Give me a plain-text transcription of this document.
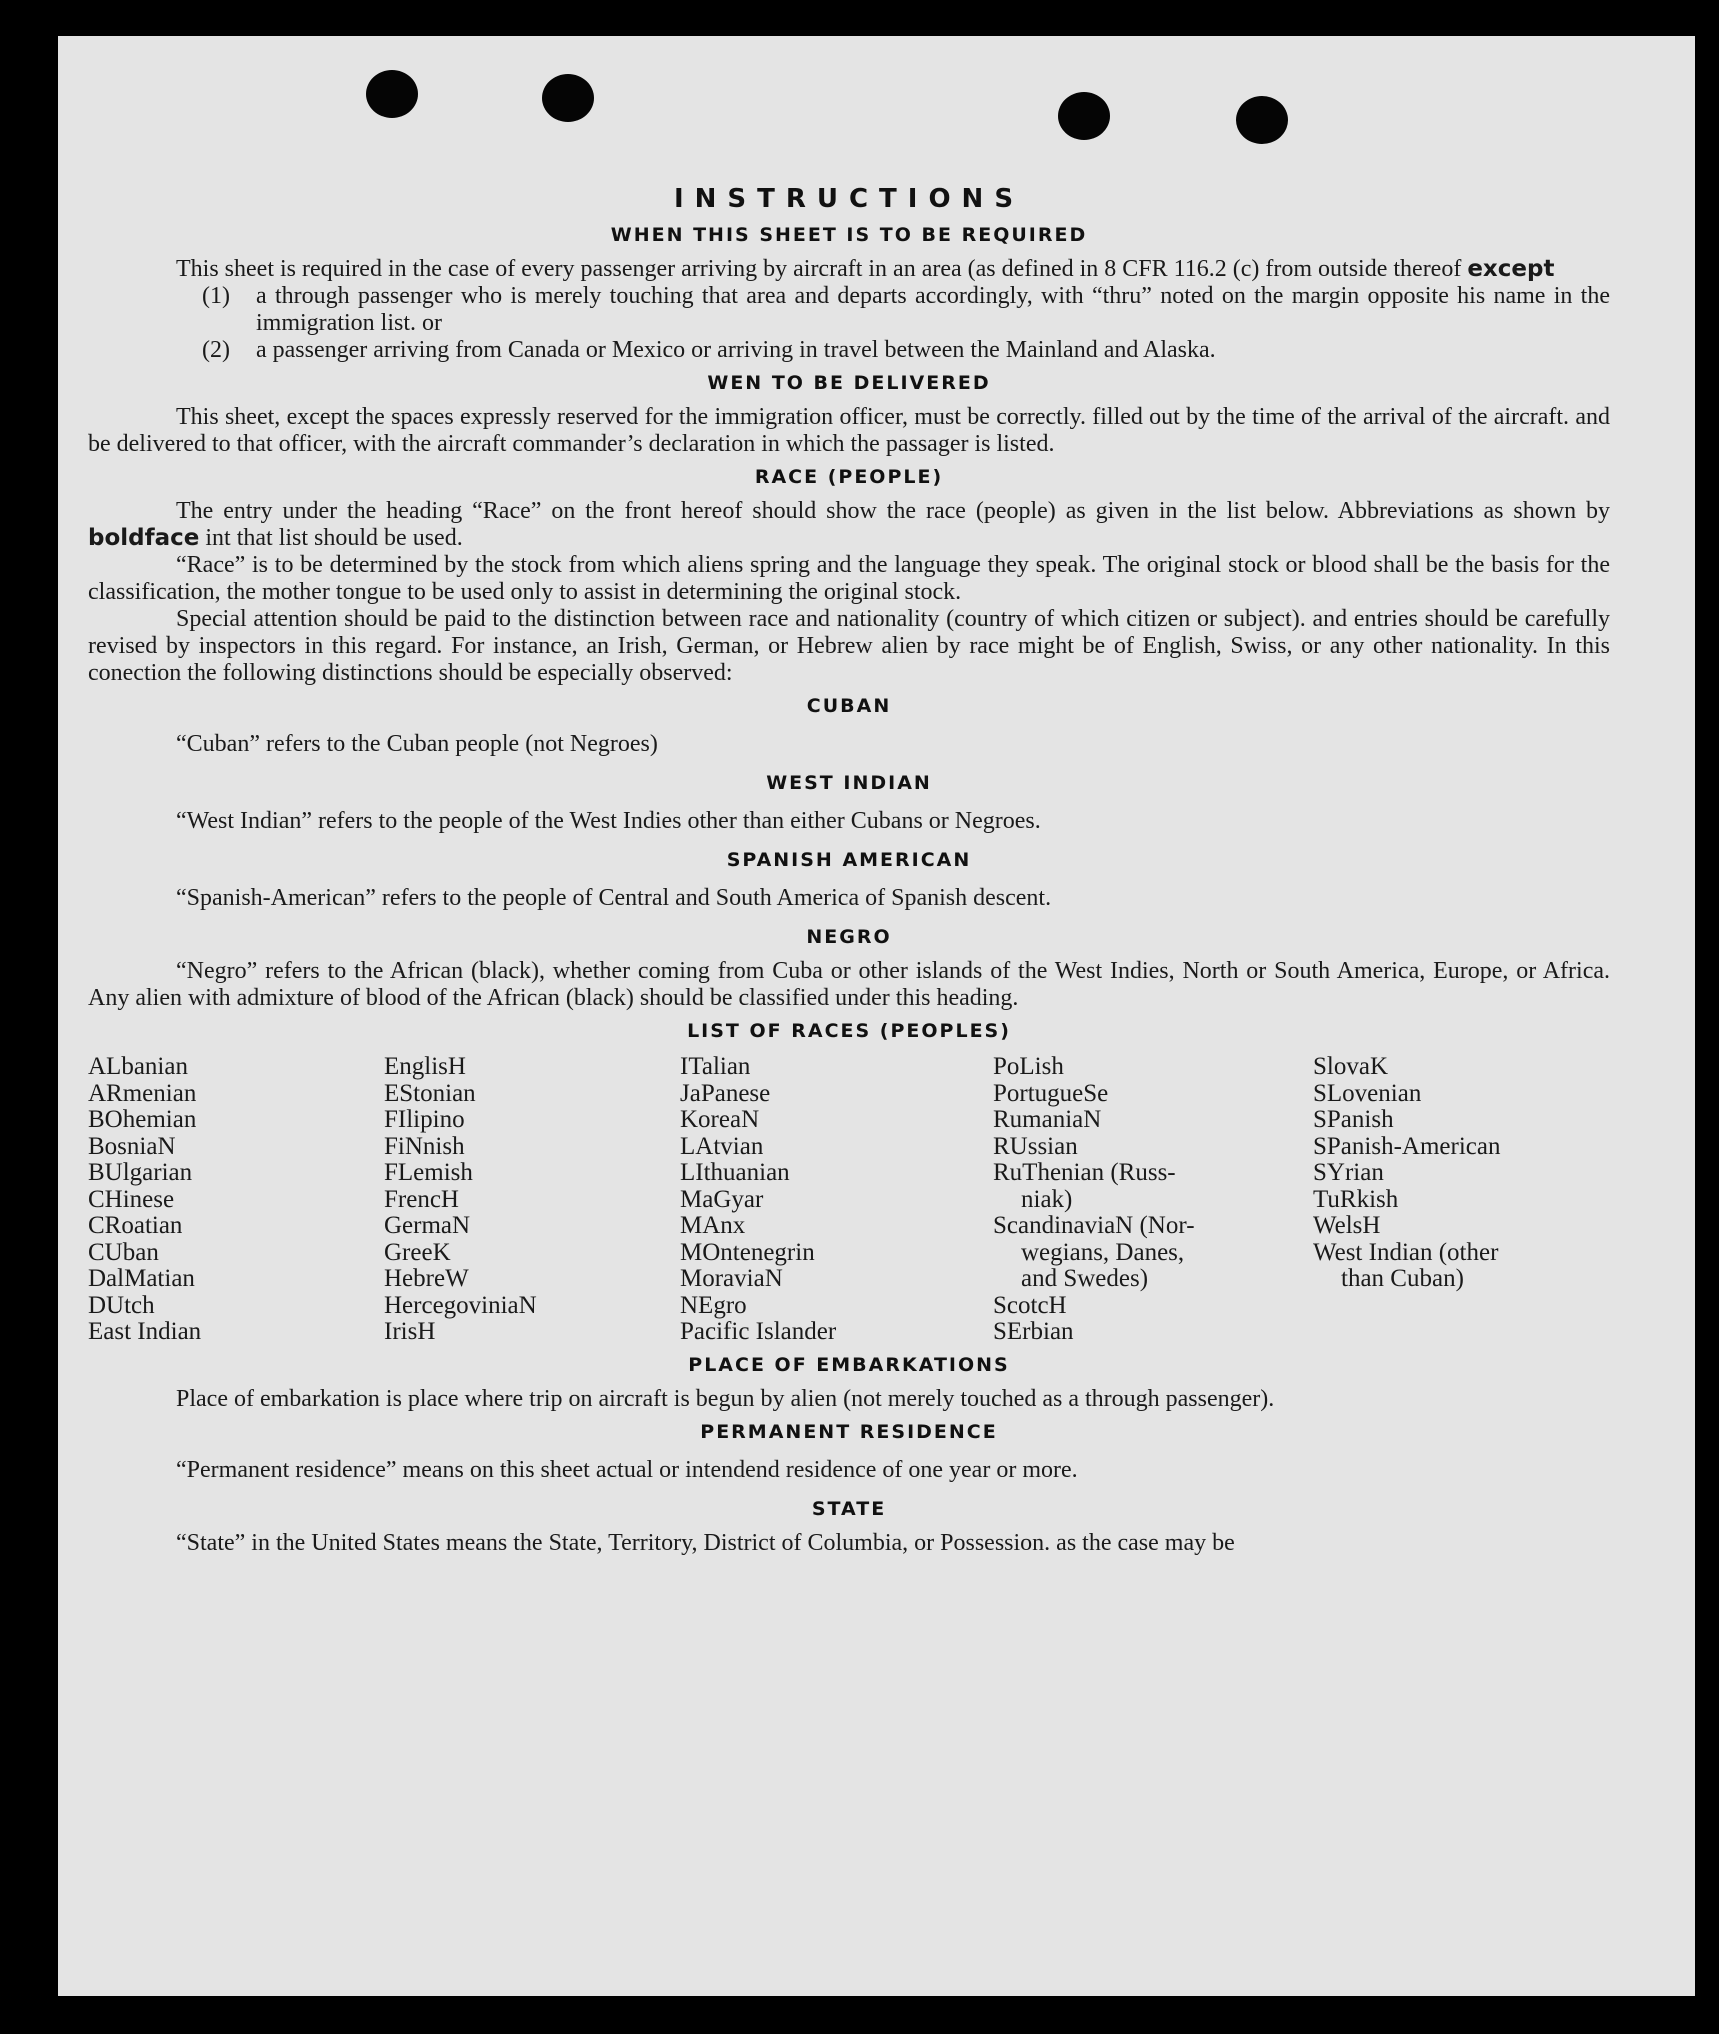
INSTRUCTIONS
WHEN THIS SHEET IS TO BE REQUIRED

This sheet is required in the case of every passenger arriving by aircraft in an area (as defined in 8 CFR 116.2 (c) from outside thereof except

(1)	a through passenger who is merely touching that area and departs accordingly, with “thru” noted on the margin opposite his name in the immigration list. or
(2)	a passenger arriving from Canada or Mexico or arriving in travel between the Mainland and Alaska.
WEN TO BE DELIVERED

This sheet, except the spaces expressly reserved for the immigration officer, must be correctly. filled out by the time of the arrival of the aircraft. and be delivered to that officer, with the aircraft commander’s declaration in which the passager is listed.

RACE (PEOPLE)

The entry under the heading “Race” on the front hereof should show the race (people) as given in the list below. Abbreviations as shown by boldface int that list should be used.

“Race” is to be determined by the stock from which aliens spring and the language they speak. The original stock or blood shall be the basis for the classification, the mother tongue to be used only to assist in determining the original stock.

Special attention should be paid to the distinction between race and nationality (country of which citizen or subject). and entries should be carefully revised by inspectors in this regard. For instance, an Irish, German, or Hebrew alien by race might be of English, Swiss, or any other nationality. In this conection the following distinctions should be especially observed:

CUBAN

“Cuban” refers to the Cuban people (not Negroes)

WEST INDIAN

“West Indian” refers to the people of the West Indies other than either Cubans or Negroes.

SPANISH AMERICAN

“Spanish-American” refers to the people of Central and South America of Spanish descent.

NEGRO

“Negro” refers to the African (black), whether coming from Cuba or other islands of the West Indies, North or South America, Europe, or Africa. Any alien with admixture of blood of the African (black) should be classified under this heading.

LIST OF RACES (PEOPLES)
ALbanian
ARmenian
BOhemian
BosniaN
BUlgarian
CHinese
CRoatian
CUban
DalMatian
DUtch
East Indian
EnglisH
EStonian
FIlipino
FiNnish
FLemish
FrencH
GermaN
GreeK
HebreW
HercegoviniaN
IrisH
ITalian
JaPanese
KoreaN
LAtvian
LIthuanian
MaGyar
MAnx
MOntenegrin
MoraviaN
NEgro
Pacific Islander
PoLish
PortugueSe
RumaniaN
RUssian
RuThenian (Russ-
niak)
ScandinaviaN (Nor-
wegians, Danes,
and Swedes)
ScotcH
SErbian
SlovaK
SLovenian
SPanish
SPanish-American
SYrian
TuRkish
WelsH
West Indian (other
than Cuban)
PLACE OF EMBARKATIONS

Place of embarkation is place where trip on aircraft is begun by alien (not merely touched as a through passenger).

PERMANENT RESIDENCE

“Permanent residence” means on this sheet actual or intendend residence of one year or more.

STATE

“State” in the United States means the State, Territory, District of Columbia, or Possession. as the case may be
